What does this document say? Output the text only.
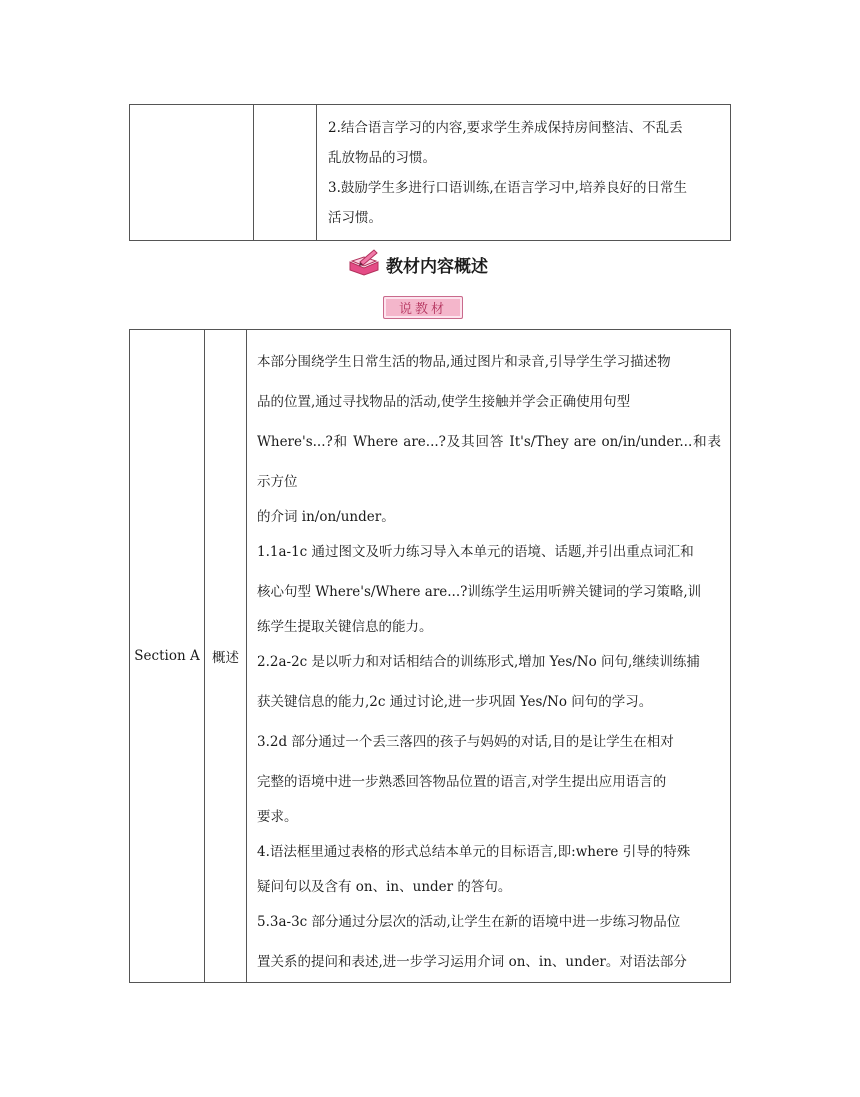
2.结合语言学习的内容,要求学生养成保持房间整洁、不乱丢

乱放物品的习惯。

3.鼓励学生多进行口语训练,在语言学习中,培养良好的日常生

活习惯。

教材内容概述
说教材
Section A	概述	

本部分围绕学生日常生活的物品,通过图片和录音,引导学生学习描述物

品的位置,通过寻找物品的活动,使学生接触并学会正确使用句型

Where's...?和 Where are...?及其回答 It's/They are on/in/under...和表示方位

的介词 in/on/under。

1.1a-1c 通过图文及听力练习导入本单元的语境、话题,并引出重点词汇和

核心句型 Where's/Where are...?训练学生运用听辨关键词的学习策略,训

练学生提取关键信息的能力。

2.2a-2c 是以听力和对话相结合的训练形式,增加 Yes/No 问句,继续训练捕

获关键信息的能力,2c 通过讨论,进一步巩固 Yes/No 问句的学习。

3.2d 部分通过一个丢三落四的孩子与妈妈的对话,目的是让学生在相对

完整的语境中进一步熟悉回答物品位置的语言,对学生提出应用语言的

要求。

4.语法框里通过表格的形式总结本单元的目标语言,即:where 引导的特殊

疑问句以及含有 on、in、under 的答句。

5.3a-3c 部分通过分层次的活动,让学生在新的语境中进一步练习物品位

置关系的提问和表述,进一步学习运用介词 on、in、under。对语法部分
